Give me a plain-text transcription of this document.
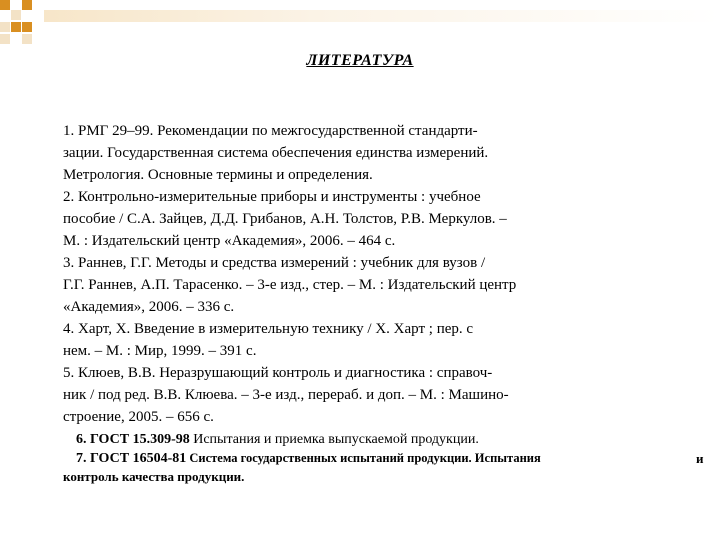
ЛИТЕРАТУРА
1. РМГ 29–99. Рекомендации по межгосударственной стандарти-
зации. Государственная система обеспечения единства измерений.
Метрология. Основные термины и определения.
2. Контрольно-измерительные приборы и инструменты : учебное
пособие / С.А. Зайцев, Д.Д. Грибанов, А.Н. Толстов, Р.В. Меркулов. –
М. : Издательский центр «Академия», 2006. – 464 с.
3. Раннев, Г.Г. Методы и средства измерений : учебник для вузов /
Г.Г. Раннев, А.П. Тарасенко. – 3-е изд., стер. – М. : Издательский центр
«Академия», 2006. – 336 с.
4. Харт, Х. Введение в измерительную технику / Х. Харт ; пер. с
нем. – М. : Мир, 1999. – 391 с.
5. Клюев, В.В. Неразрушающий контроль и диагностика : справоч-
ник / под ред. В.В. Клюева. – 3-е изд., перераб. и доп. – М. : Машино-
строение, 2005. – 656 с.

6. ГОСТ 15.309-98 Испытания и приемка выпускаемой продукции.

7. ГОСТ 16504-81 Система государственных испытаний продукции. Испытания	и

контроль качества продукции.
